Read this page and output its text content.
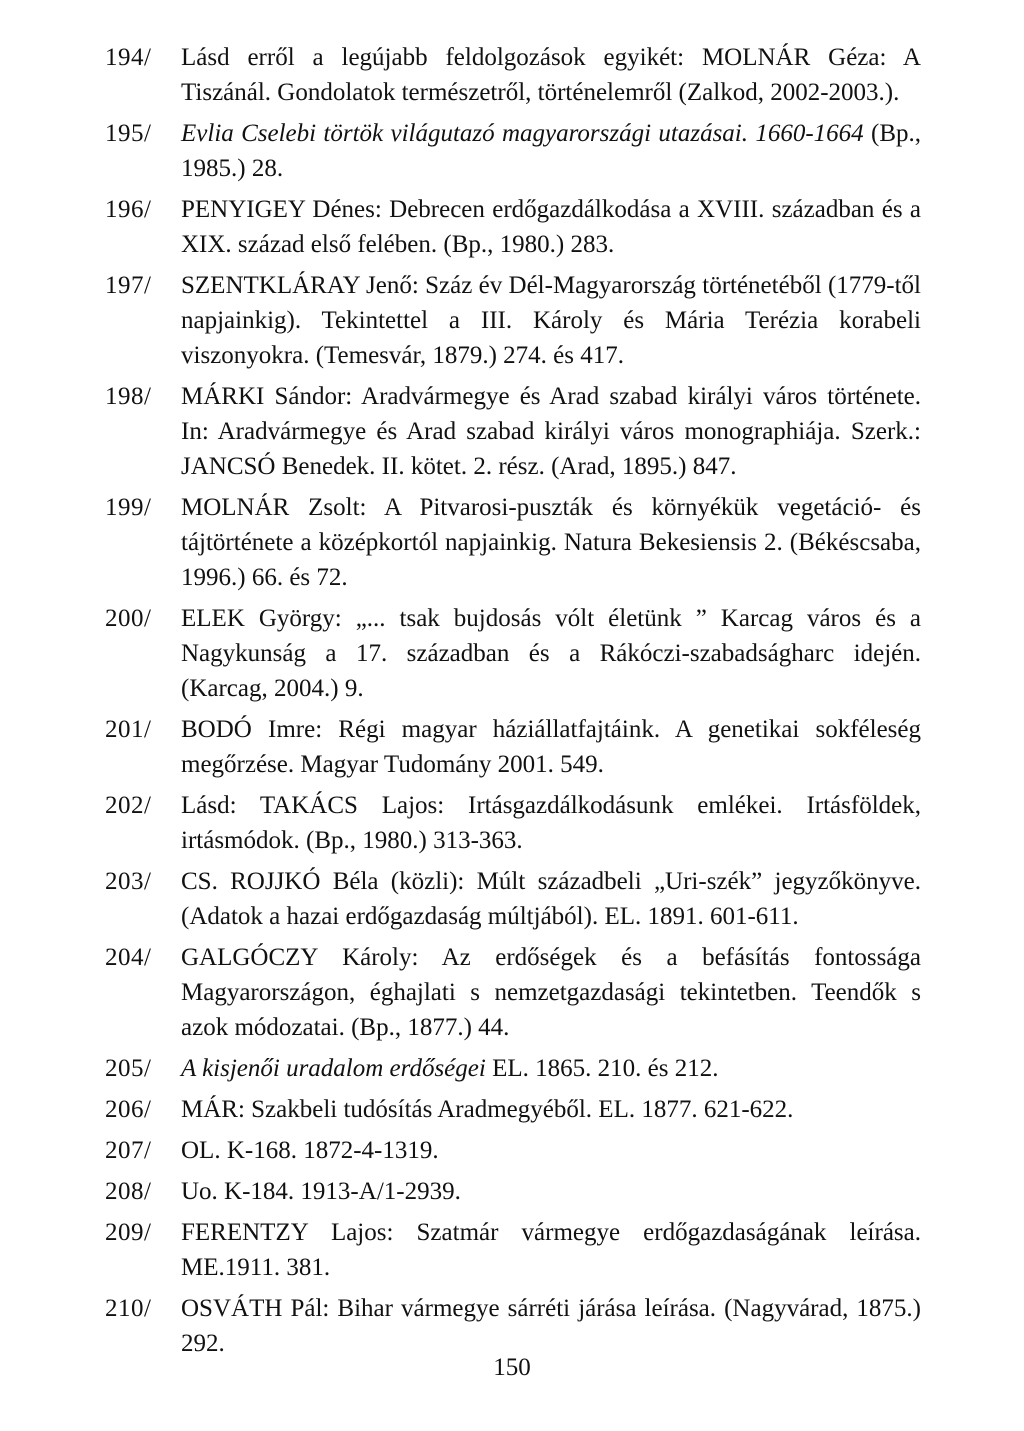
194/	Lásd erről a legújabb feldolgozások egyikét: MOLNÁR Géza: A Tiszánál. Gondolatok természetről, történelemről (Zalkod, 2002-2003.).
195/	Evlia Cselebi törtök világutazó magyarországi utazásai. 1660-1664 (Bp., 1985.) 28.
196/	PENYIGEY Dénes: Debrecen erdőgazdálkodása a XVIII. században és a XIX. század első felében. (Bp., 1980.) 283.
197/	SZENTKLÁRAY Jenő: Száz év Dél-Magyarország történetéből (1779-től napjainkig). Tekintettel a III. Károly és Mária Terézia korabeli viszonyokra. (Temesvár, 1879.) 274. és 417.
198/	MÁRKI Sándor: Aradvármegye és Arad szabad királyi város története. In: Aradvármegye és Arad szabad királyi város monographiája. Szerk.: JANCSÓ Benedek. II. kötet. 2. rész. (Arad, 1895.) 847.
199/	MOLNÁR Zsolt: A Pitvarosi-puszták és környékük vegetáció- és tájtörténete a középkortól napjainkig. Natura Bekesiensis 2. (Békéscsaba, 1996.) 66. és 72.
200/	ELEK György: „... tsak bujdosás vólt életünk ” Karcag város és a Nagykunság a 17. században és a Rákóczi-szabadságharc idején. (Karcag, 2004.) 9.
201/	BODÓ Imre: Régi magyar háziállatfajtáink. A genetikai sokféleség megőrzése. Magyar Tudomány 2001. 549.
202/	Lásd: TAKÁCS Lajos: Irtásgazdálkodásunk emlékei. Irtásföldek, irtásmódok. (Bp., 1980.) 313-363.
203/	CS. ROJJKÓ Béla (közli): Múlt századbeli „Uri-szék” jegyzőkönyve. (Adatok a hazai erdőgazdaság múltjából). EL. 1891. 601-611.
204/	GALGÓCZY Károly: Az erdőségek és a befásítás fontossága Magyarországon, éghajlati s nemzetgazdasági tekintetben. Teendők s azok módozatai. (Bp., 1877.) 44.
205/	A kisjenői uradalom erdőségei EL. 1865. 210. és 212.
206/	MÁR: Szakbeli tudósítás Aradmegyéből. EL. 1877. 621-622.
207/	OL. K-168. 1872-4-1319.
208/	Uo. K-184. 1913-A/1-2939.
209/	FERENTZY Lajos: Szatmár vármegye erdőgazdaságának leírása. ME.1911. 381.
210/	OSVÁTH Pál: Bihar vármegye sárréti járása leírása. (Nagyvárad, 1875.) 292.
150
